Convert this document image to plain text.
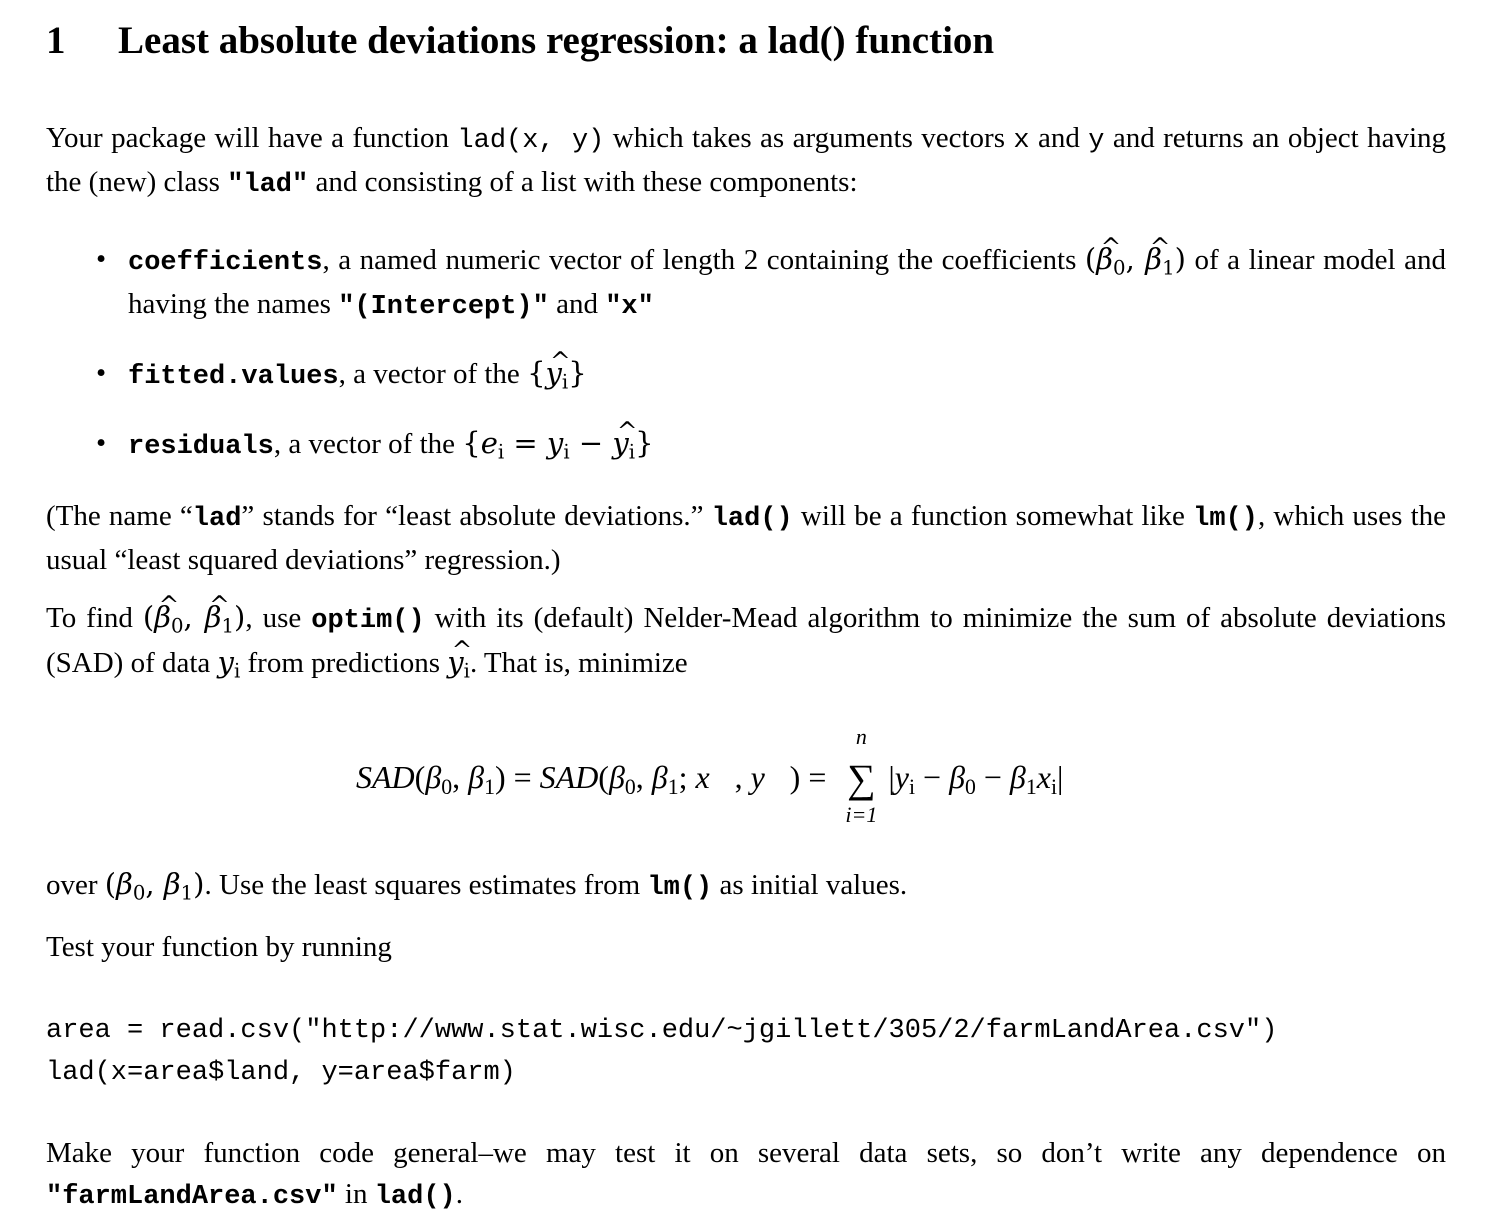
1 Least absolute deviations regression: a lad() function
Your package will have a function lad(x, y) which takes as arguments vectors x and y and returns an object having the (new) class "lad" and consisting of a list with these components:
• coefficients, a named numeric vector of length 2 containing the coefficients (^ $\beta_0$, ^ $\beta_1$) of a linear model and having the names "(Intercept)" and "x"
• fitted.values, a vector of the {^ $y_i$}
• residuals, a vector of the {$e_i = y_i$ − ^ $y_i$}
(The name “lad” stands for “least absolute deviations.” lad() will be a function somewhat like lm(), which uses the usual “least squared deviations” regression.)
To find (^ $\beta_0$, ^ $\beta_1$), use optim() with its (default) Nelder-Mead algorithm to minimize the sum of absolute deviations (SAD) of data $y_i$ from predictions ^ $y_i$. That is, minimize
$SAD(\beta_0$, $\beta_1) = SAD(\beta_0$, $\beta_1$; x⃗, y⃗) =
n
∑
i=1
$|y_i - \beta_0 - \beta_1x_i|$
over ($\beta_0$, $\beta_1$). Use the least squares estimates from lm() as initial values.
Test your function by running
area = read.csv("http://www.stat.wisc.edu/~jgillett/305/2/farmLandArea.csv")
lad(x=area$land, y=area$farm)
Make your function code general–we may test it on several data sets, so don’t write any dependence on "farmLandArea.csv" in lad().
